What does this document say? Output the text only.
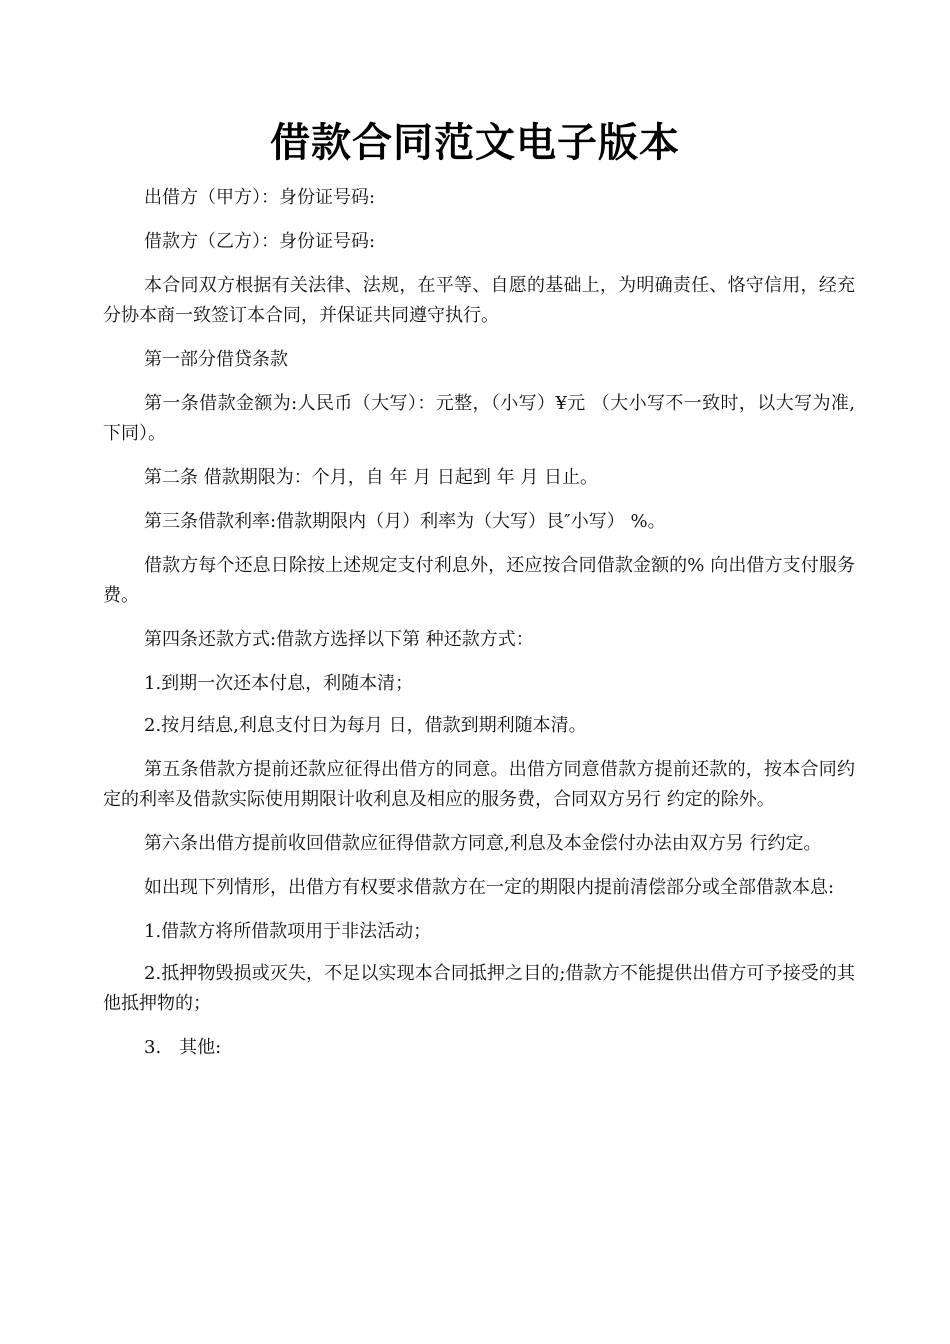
借款合同范文电子版本

出借方（甲方）：身份证号码:

借款方（乙方）：身份证号码:

本合同双方根据有关法律、法规，在平等、自愿的基础上，为明确责任、恪守信用，经充分协本商一致签订本合同，并保证共同遵守执行。

第一部分借贷条款

第一条借款金额为:人民币（大写）：元整，（小写）¥元 （大小写不一致时，以大写为准,下同）。

第二条 借款期限为：个月，自 年 月 日起到 年 月 日止。

第三条借款利率:借款期限内（月）利率为（大写）艮″小写） %。

借款方每个还息日除按上述规定支付利息外，还应按合同借款金额的% 向出借方支付服务费。

第四条还款方式:借款方选择以下第 种还款方式：

1.到期一次还本付息，利随本清；

2.按月结息,利息支付日为每月 日，借款到期利随本清。

第五条借款方提前还款应征得出借方的同意。出借方同意借款方提前还款的，按本合同约定的利率及借款实际使用期限计收利息及相应的服务费，合同双方另行 约定的除外。

第六条出借方提前收回借款应征得借款方同意,利息及本金偿付办法由双方另 行约定。

如出现下列情形，出借方有权要求借款方在一定的期限内提前清偿部分或全部借款本息:

1.借款方将所借款项用于非法活动；

2.抵押物毁损或灭失，不足以实现本合同抵押之目的;借款方不能提供出借方可予接受的其他抵押物的；

3.　其他:
